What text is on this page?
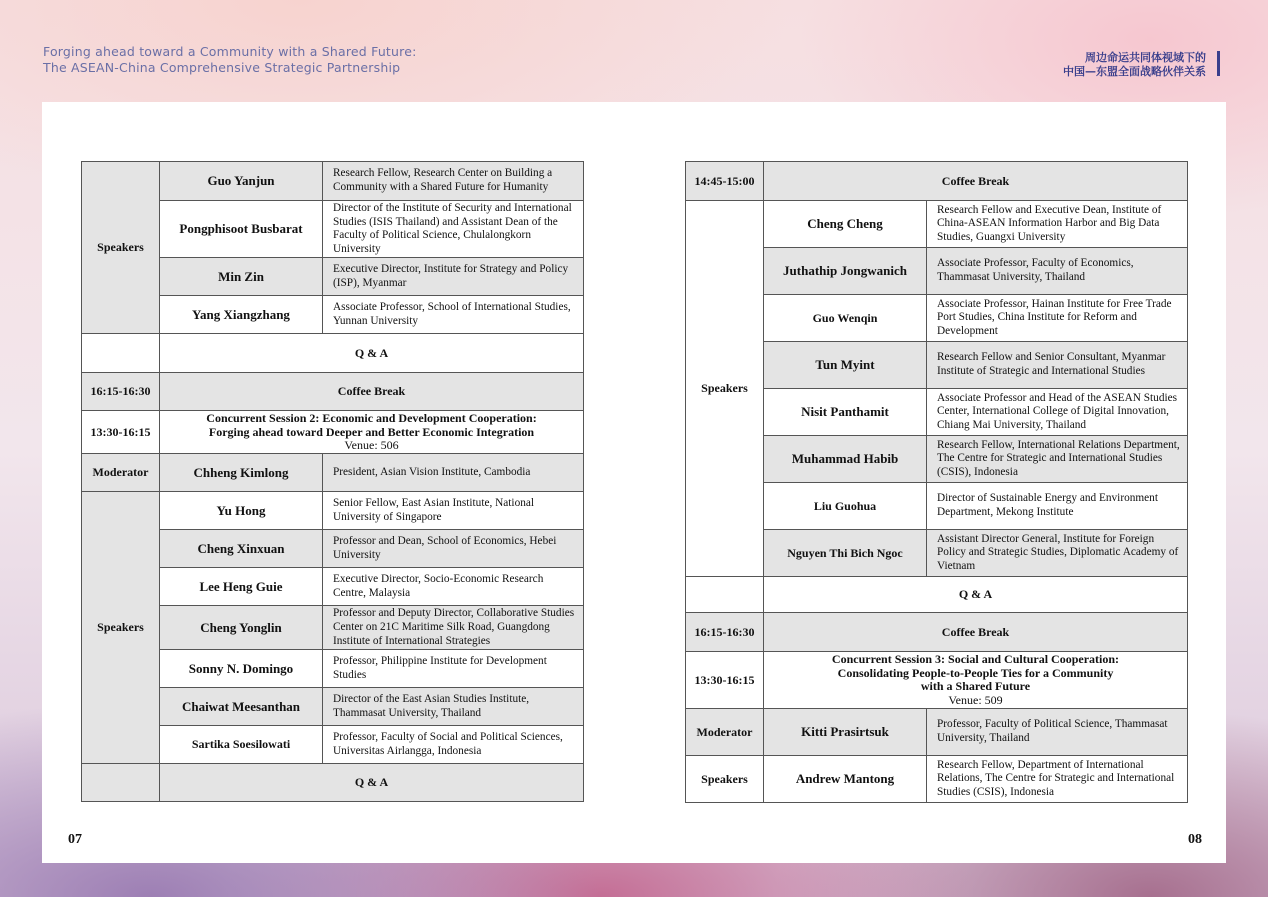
Forging ahead toward a Community with a Shared Future:
The ASEAN-China Comprehensive Strategic Partnership
周边命运共同体视域下的
中国—东盟全面战略伙伴关系
Speakers	Guo Yanjun	Research Fellow, Research Center on Building a Community with a Shared Future for Humanity
	Pongphisoot Busbarat	Director of the Institute of Security and International Studies (ISIS Thailand) and Assistant Dean of the Faculty of Political Science, Chulalongkorn University
	Min Zin	Executive Director, Institute for Strategy and Policy (ISP), Myanmar
	Yang Xiangzhang	Associate Professor, School of International Studies, Yunnan University
	Q & A	
16:15-16:30	Coffee Break	
13:30-16:15	Concurrent Session 2: Economic and Development Cooperation:
Forging ahead toward Deeper and Better Economic Integration
Venue: 506	

Moderator	Chheng Kimlong	President, Asian Vision Institute, Cambodia
Speakers	Yu Hong	Senior Fellow, East Asian Institute, National University of Singapore
	Cheng Xinxuan	Professor and Dean, School of Economics, Hebei University
	Lee Heng Guie	Executive Director, Socio-Economic Research Centre, Malaysia
	Cheng Yonglin	Professor and Deputy Director, Collaborative Studies Center on 21C Maritime Silk Road, Guangdong Institute of International Strategies
	Sonny N. Domingo	Professor, Philippine Institute for Development Studies
	Chaiwat Meesanthan	Director of the East Asian Studies Institute, Thammasat University, Thailand
	Sartika Soesilowati	Professor, Faculty of Social and Political Sciences, Universitas Airlangga, Indonesia
	Q & A	
14:45-15:00	Coffee Break	
Speakers	Cheng Cheng	Research Fellow and Executive Dean, Institute of China-ASEAN Information Harbor and Big Data Studies, Guangxi University
	Juthathip Jongwanich	Associate Professor, Faculty of Economics, Thammasat University, Thailand
	Guo Wenqin	Associate Professor, Hainan Institute for Free Trade Port Studies, China Institute for Reform and Development
	Tun Myint	Research Fellow and Senior Consultant, Myanmar Institute of Strategic and International Studies
	Nisit Panthamit	Associate Professor and Head of the ASEAN Studies Center, International College of Digital Innovation, Chiang Mai University, Thailand
	Muhammad Habib	Research Fellow, International Relations Department, The Centre for Strategic and International Studies (CSIS), Indonesia
	Liu Guohua	Director of Sustainable Energy and Environment Department, Mekong Institute
	Nguyen Thi Bich Ngoc	Assistant Director General, Institute for Foreign Policy and Strategic Studies, Diplomatic Academy of Vietnam
	Q & A	
16:15-16:30	Coffee Break	
13:30-16:15	Concurrent Session 3: Social and Cultural Cooperation:
Consolidating People-to-People Ties for a Community
with a Shared Future
Venue: 509	

Moderator	Kitti Prasirtsuk	Professor, Faculty of Political Science, Thammasat University, Thailand
Speakers	Andrew Mantong	Research Fellow, Department of International Relations, The Centre for Strategic and International Studies (CSIS), Indonesia
07	08
